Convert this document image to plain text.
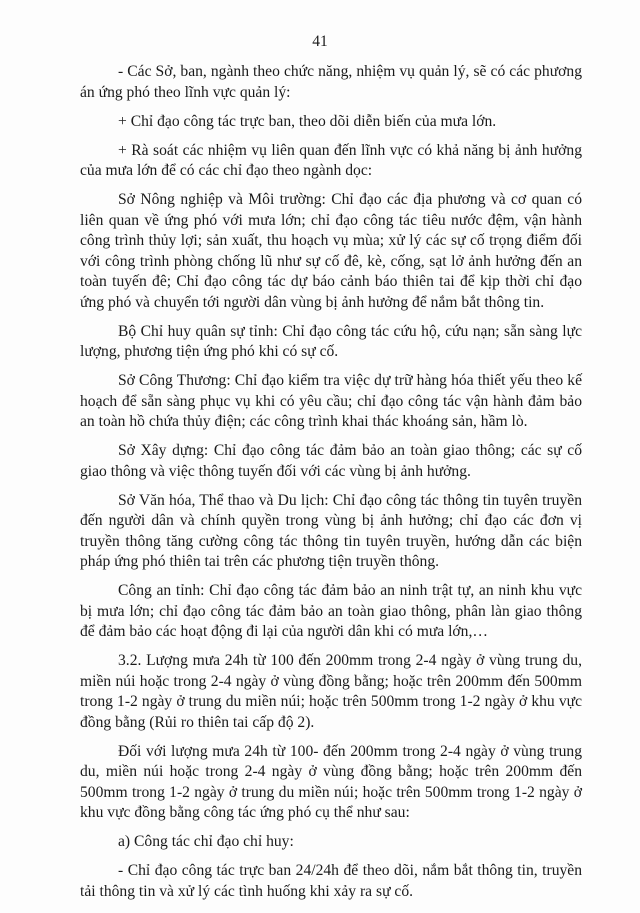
41

- Các Sở, ban, ngành theo chức năng, nhiệm vụ quản lý, sẽ có các phương án ứng phó theo lĩnh vực quản lý:

+ Chỉ đạo công tác trực ban, theo dõi diễn biến của mưa lớn.

+ Rà soát các nhiệm vụ liên quan đến lĩnh vực có khả năng bị ảnh hưởng của mưa lớn để có các chỉ đạo theo ngành dọc:

Sở Nông nghiệp và Môi trường: Chỉ đạo các địa phương và cơ quan có liên quan về ứng phó với mưa lớn; chỉ đạo công tác tiêu nước đệm, vận hành công trình thủy lợi; sản xuất, thu hoạch vụ mùa; xử lý các sự cố trọng điểm đối với công trình phòng chống lũ như sự cố đê, kè, cống, sạt lở ảnh hưởng đến an toàn tuyến đê; Chỉ đạo công tác dự báo cảnh báo thiên tai để kịp thời chỉ đạo ứng phó và chuyển tới người dân vùng bị ảnh hưởng để nắm bắt thông tin.

Bộ Chỉ huy quân sự tỉnh: Chỉ đạo công tác cứu hộ, cứu nạn; sẵn sàng lực lượng, phương tiện ứng phó khi có sự cố.

Sở Công Thương: Chỉ đạo kiểm tra việc dự trữ hàng hóa thiết yếu theo kế hoạch để sẵn sàng phục vụ khi có yêu cầu; chỉ đạo công tác vận hành đảm bảo an toàn hồ chứa thủy điện; các công trình khai thác khoáng sản, hầm lò.

Sở Xây dựng: Chỉ đạo công tác đảm bảo an toàn giao thông; các sự cố giao thông và việc thông tuyến đối với các vùng bị ảnh hưởng.

Sở Văn hóa, Thể thao và Du lịch: Chỉ đạo công tác thông tin tuyên truyền đến người dân và chính quyền trong vùng bị ảnh hưởng; chỉ đạo các đơn vị truyền thông tăng cường công tác thông tin tuyên truyền, hướng dẫn các biện pháp ứng phó thiên tai trên các phương tiện truyền thông.

Công an tỉnh: Chỉ đạo công tác đảm bảo an ninh trật tự, an ninh khu vực bị mưa lớn; chỉ đạo công tác đảm bảo an toàn giao thông, phân làn giao thông để đảm bảo các hoạt động đi lại của người dân khi có mưa lớn,…

3.2. Lượng mưa 24h từ 100 đến 200mm trong 2-4 ngày ở vùng trung du, miền núi hoặc trong 2-4 ngày ở vùng đồng bằng; hoặc trên 200mm đến 500mm trong 1-2 ngày ở trung du miền núi; hoặc trên 500mm trong 1-2 ngày ở khu vực đồng bằng (Rủi ro thiên tai cấp độ 2).

Đối với lượng mưa 24h từ 100- đến 200mm trong 2-4 ngày ở vùng trung du, miền núi hoặc trong 2-4 ngày ở vùng đồng bằng; hoặc trên 200mm đến 500mm trong 1-2 ngày ở trung du miền núi; hoặc trên 500mm trong 1-2 ngày ở khu vực đồng bằng công tác ứng phó cụ thể như sau:

a) Công tác chỉ đạo chỉ huy:

- Chỉ đạo công tác trực ban 24/24h để theo dõi, nắm bắt thông tin, truyền tải thông tin và xử lý các tình huống khi xảy ra sự cố.
